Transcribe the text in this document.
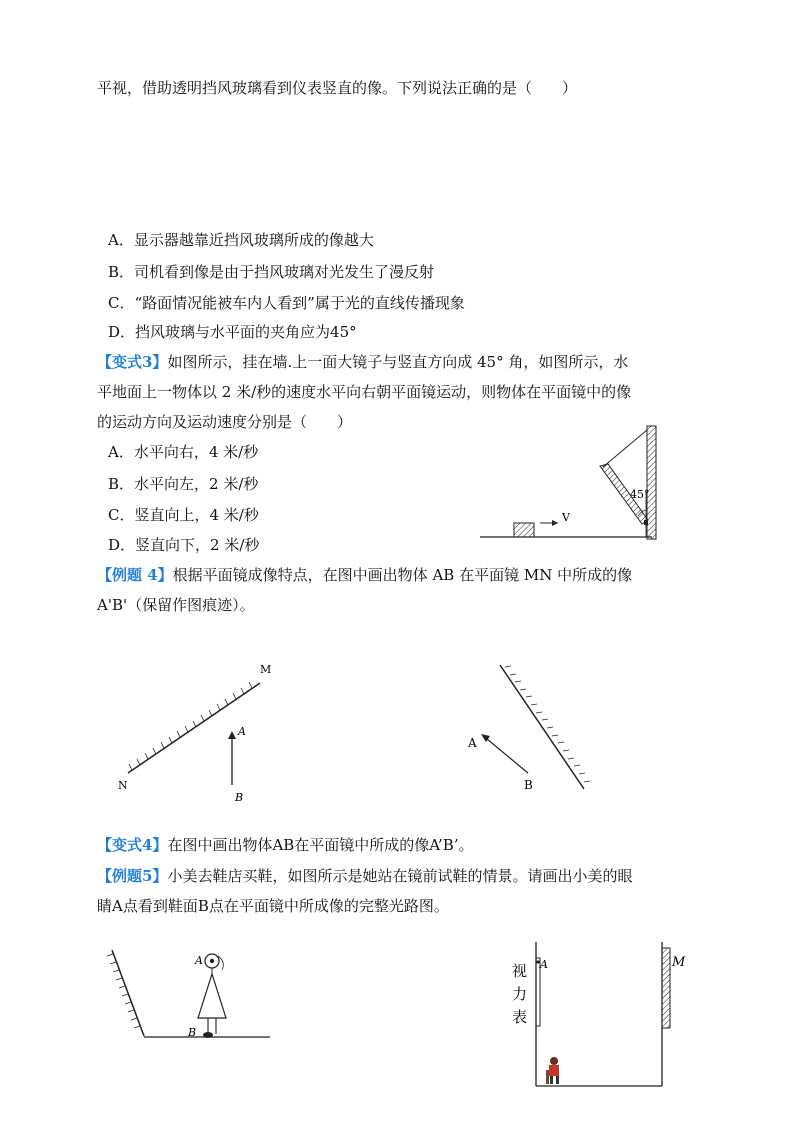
平视，借助透明挡风玻璃看到仪表竖直的像。下列说法正确的是（　　）
A．显示器越靠近挡风玻璃所成的像越大
B．司机看到像是由于挡风玻璃对光发生了漫反射
C．“路面情况能被车内人看到”属于光的直线传播现象
D．挡风玻璃与水平面的夹角应为45°
【变式3】如图所示，挂在墙.上一面大镜子与竖直方向成 45° 角，如图所示，水
平地面上一物体以 2 米/秒的速度水平向右朝平面镜运动，则物体在平面镜中的像
的运动方向及运动速度分别是（　　）
A．水平向右，4 米/秒
B．水平向左，2 米/秒
C．竖直向上，4 米/秒
D．竖直向下，2 米/秒
45°
V
【例题 4】根据平面镜成像特点，在图中画出物体 AB 在平面镜 MN 中所成的像
A'B'（保留作图痕迹）。
M
N
A
B
A
B
【变式4】在图中画出物体AB在平面镜中所成的像A’B’。
【例题5】小美去鞋店买鞋，如图所示是她站在镜前试鞋的情景。请画出小美的眼
睛A点看到鞋面B点在平面镜中所成像的完整光路图。
A
B
视
力
表
A	M
